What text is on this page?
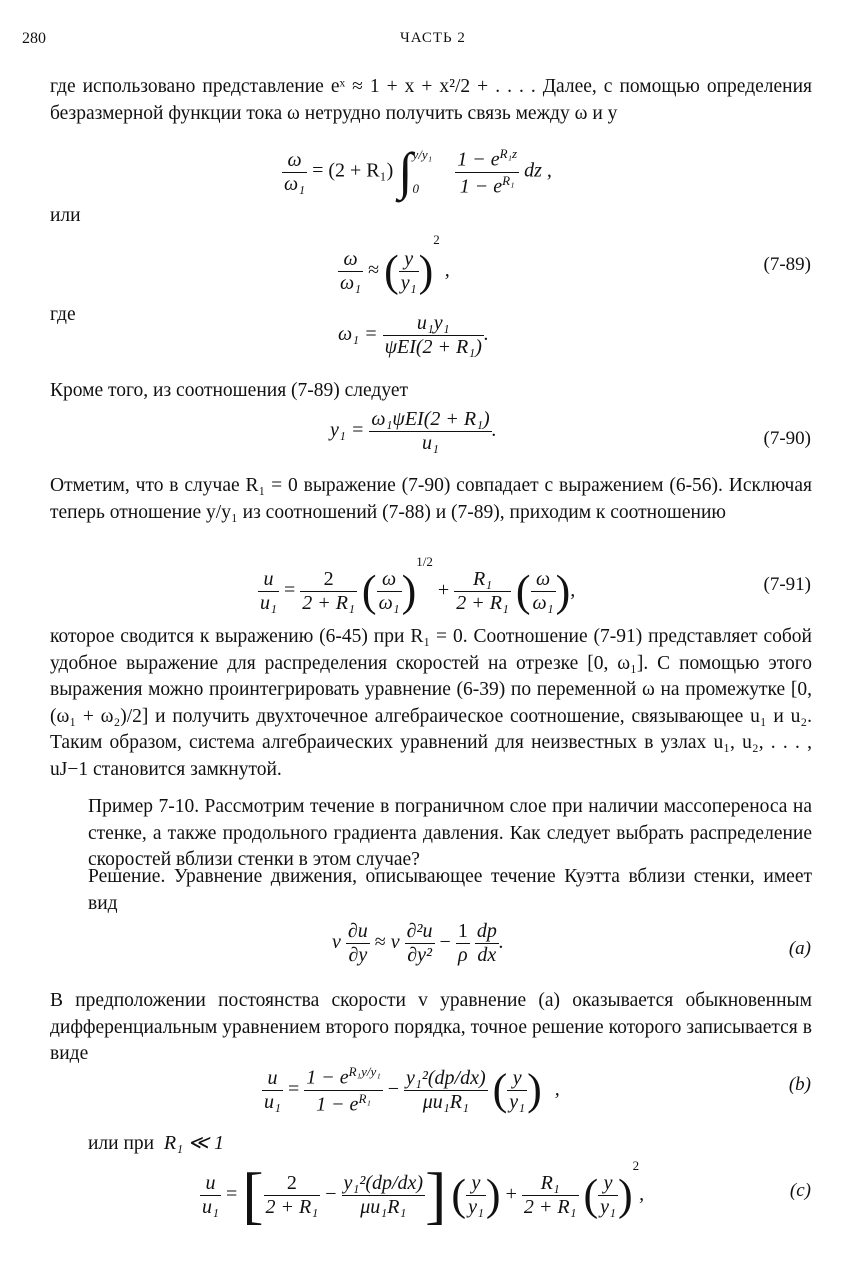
280	ЧАСТЬ 2
где использовано представление eˣ ≈ 1 + x + x²/2 + . . . . Далее, с помощью определения безразмерной функции тока ω нетрудно получить связь между ω и y
$\frac{\omega}{\text{ω₁}} = (2 + R_1)$ ∫ y/y₁
0
	$\frac{1 - e^{R_1z}}{1 - e^{R_1}}$ dz ,
или
$\frac{\omega}{\text{ω₁}}$ ≈ ( $\frac{y}{\text{y₁}} )^2$ ,	(7-89)
где
$\omega_1 = \frac{\text{u₁y₁}}{\text{ψEI(2 + R₁)}}$ .
Кроме того, из соотношения (7-89) следует
$y_1 = \frac{\text{ω₁ψEI(2 + R₁)}}{\text{u₁}}$ .	(7-90)
Отметим, что в случае R₁ = 0 выражение (7-90) совпадает с выражением (6-56). Исключая теперь отношение y/y₁ из соотношений (7-88) и (7-89), приходим к соотношению
$\frac{u}{\text{u₁}} = \frac{2}{\text{2 + R₁}}$ ( $\frac{\omega}{\text{ω₁}} )^{1/2} + \frac{\text{R₁}}{\text{2 + R₁}}$ ( $\frac{\omega}{\text{ω₁}}$ ),	(7-91)
которое сводится к выражению (6-45) при R₁ = 0. Соотношение (7-91) представляет собой удобное выражение для распределения скоростей на отрезке [0, ω₁]. С помощью этого выражения можно проинтегрировать уравнение (6-39) по переменной ω на промежутке [0, (ω₁ + ω₂)/2] и получить двухточечное алгебраическое соотношение, связывающее u₁ и u₂. Таким образом, система алгебраических уравнений для неизвестных в узлах u₁, u₂, . . . , uJ−1 становится замкнутой.
Пример 7-10. Рассмотрим течение в пограничном слое при наличии массопереноса на стенке, а также продольного градиента давления. Как следует выбрать распределение скоростей вблизи стенки в этом случае?
Решение. Уравнение движения, описывающее течение Куэтта вблизи стенки, имеет вид
v $\frac{\partial u}{\partial y} \approx v \frac{\text{∂²u}}{\text{∂y²}} - \frac{1}{\rho}$
$\frac{dp}{dx}$ .	(a)
В предположении постоянства скорости v уравнение (a) оказывается обыкновенным дифференциальным уравнением второго порядка, точное решение которого записывается в виде
$\frac{u}{\text{u₁}} = \frac{1 - e^{R_1y/y_1}}{1 - e^{R_1}} - \frac{\text{y₁²(dp/dx)}}{\text{μu₁R₁}}$ ( $\frac{y}{\text{y₁}}$ ) ,	(b)
или при R₁ ≪ 1
$\frac{u}{\text{u₁}}$ = [ $\frac{2}{\text{2 + R₁}} - \frac{\text{y₁²(dp/dx)}}{\text{μu₁R₁}}$ ] ( $\frac{y}{\text{y₁}}$ ) + $\frac{\text{R₁}}{\text{2 + R₁}}$ ( $\frac{y}{\text{y₁}} )^2$,	(c)
